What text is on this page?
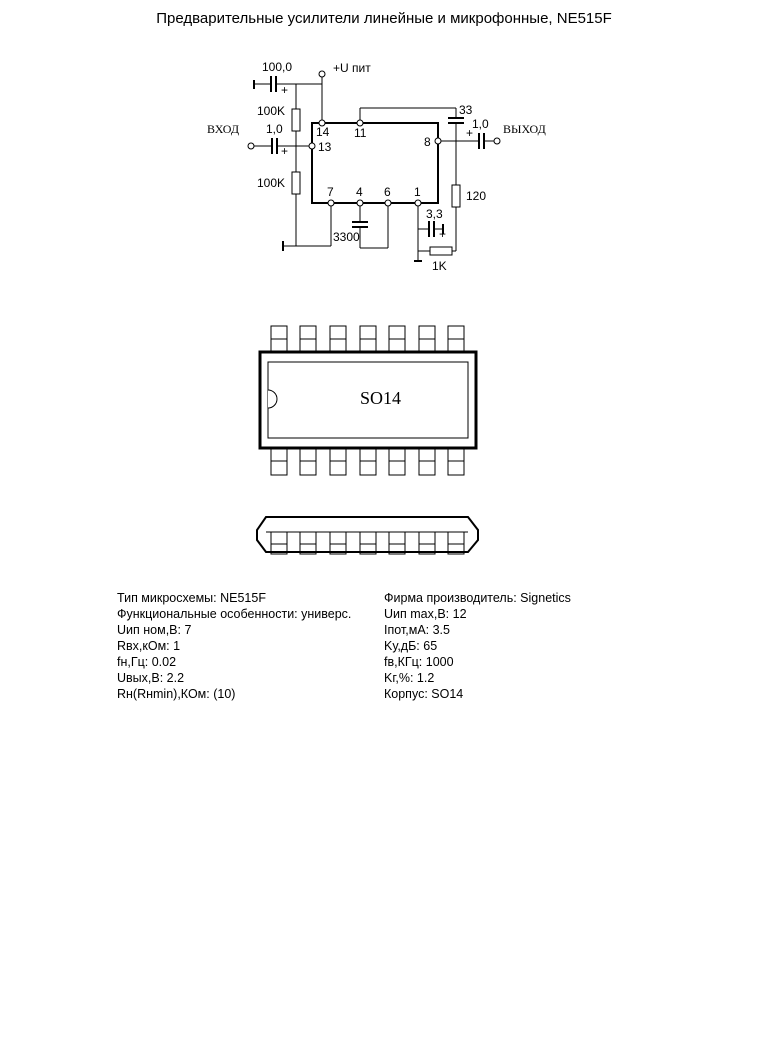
Предварительные усилители линейные и микрофонные, NE515F
100,0
+
+U пит
100K
100K
ВХОД 1,0
+
14 11
13	8
33
1,0
+ ВЫХОД
7 4 6 1	120
3,3
+
3300
1K
SO14
Тип микросхемы: NE515F
Функциональные особенности: универс.
Uип ном,В: 7
Rвх,кОм: 1
fн,Гц: 0.02
Uвых,В: 2.2
Rн(Rнmin),КОм: (10)
Фирма производитель: Signetics
Uип max,В: 12
Iпот,мА: 3.5
Kу,дБ: 65
fв,КГц: 1000
Kг,%: 1.2
Корпус: SO14
